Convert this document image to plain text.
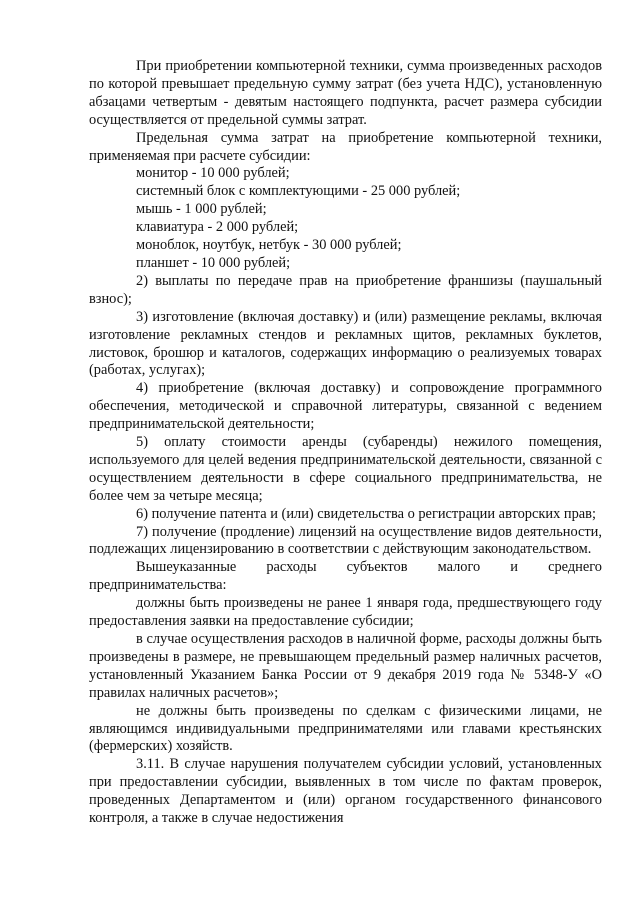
При приобретении компьютерной техники, сумма произведенных расходов по которой превышает предельную сумму затрат (без учета НДС), установленную абзацами четвертым - девятым настоящего подпункта, расчет размера субсидии осуществляется от предельной суммы затрат.

Предельная сумма затрат на приобретение компьютерной техники, применяемая при расчете субсидии:

монитор - 10 000 рублей;

системный блок с комплектующими - 25 000 рублей;

мышь - 1 000 рублей;

клавиатура - 2 000 рублей;

моноблок, ноутбук, нетбук - 30 000 рублей;

планшет - 10 000 рублей;

2) выплаты по передаче прав на приобретение франшизы (паушальный взнос);

3) изготовление (включая доставку) и (или) размещение рекламы, включая изготовление рекламных стендов и рекламных щитов, рекламных буклетов, листовок, брошюр и каталогов, содержащих информацию о реализуемых товарах (работах, услугах);

4) приобретение (включая доставку) и сопровождение программного обеспечения, методической и справочной литературы, связанной с ведением предпринимательской деятельности;

5) оплату стоимости аренды (субаренды) нежилого помещения, используемого для целей ведения предпринимательской деятельности, связанной с осуществлением деятельности в сфере социального предпринимательства, не более чем за четыре месяца;

6) получение патента и (или) свидетельства о регистрации авторских прав;

7) получение (продление) лицензий на осуществление видов деятельности, подлежащих лицензированию в соответствии с действующим законодательством.

Вышеуказанные расходы субъектов малого и среднего предпринимательства:

должны быть произведены не ранее 1 января года, предшествующего году предоставления заявки на предоставление субсидии;

в случае осуществления расходов в наличной форме, расходы должны быть произведены в размере, не превышающем предельный размер наличных расчетов, установленный Указанием Банка России от 9 декабря 2019 года № 5348-У «О правилах наличных расчетов»;

не должны быть произведены по сделкам с физическими лицами, не являющимся индивидуальными предпринимателями или главами крестьянских (фермерских) хозяйств.

3.11. В случае нарушения получателем субсидии условий, установленных при предоставлении субсидии, выявленных в том числе по фактам проверок, проведенных Департаментом и (или) органом государственного финансового контроля, а также в случае недостижения
